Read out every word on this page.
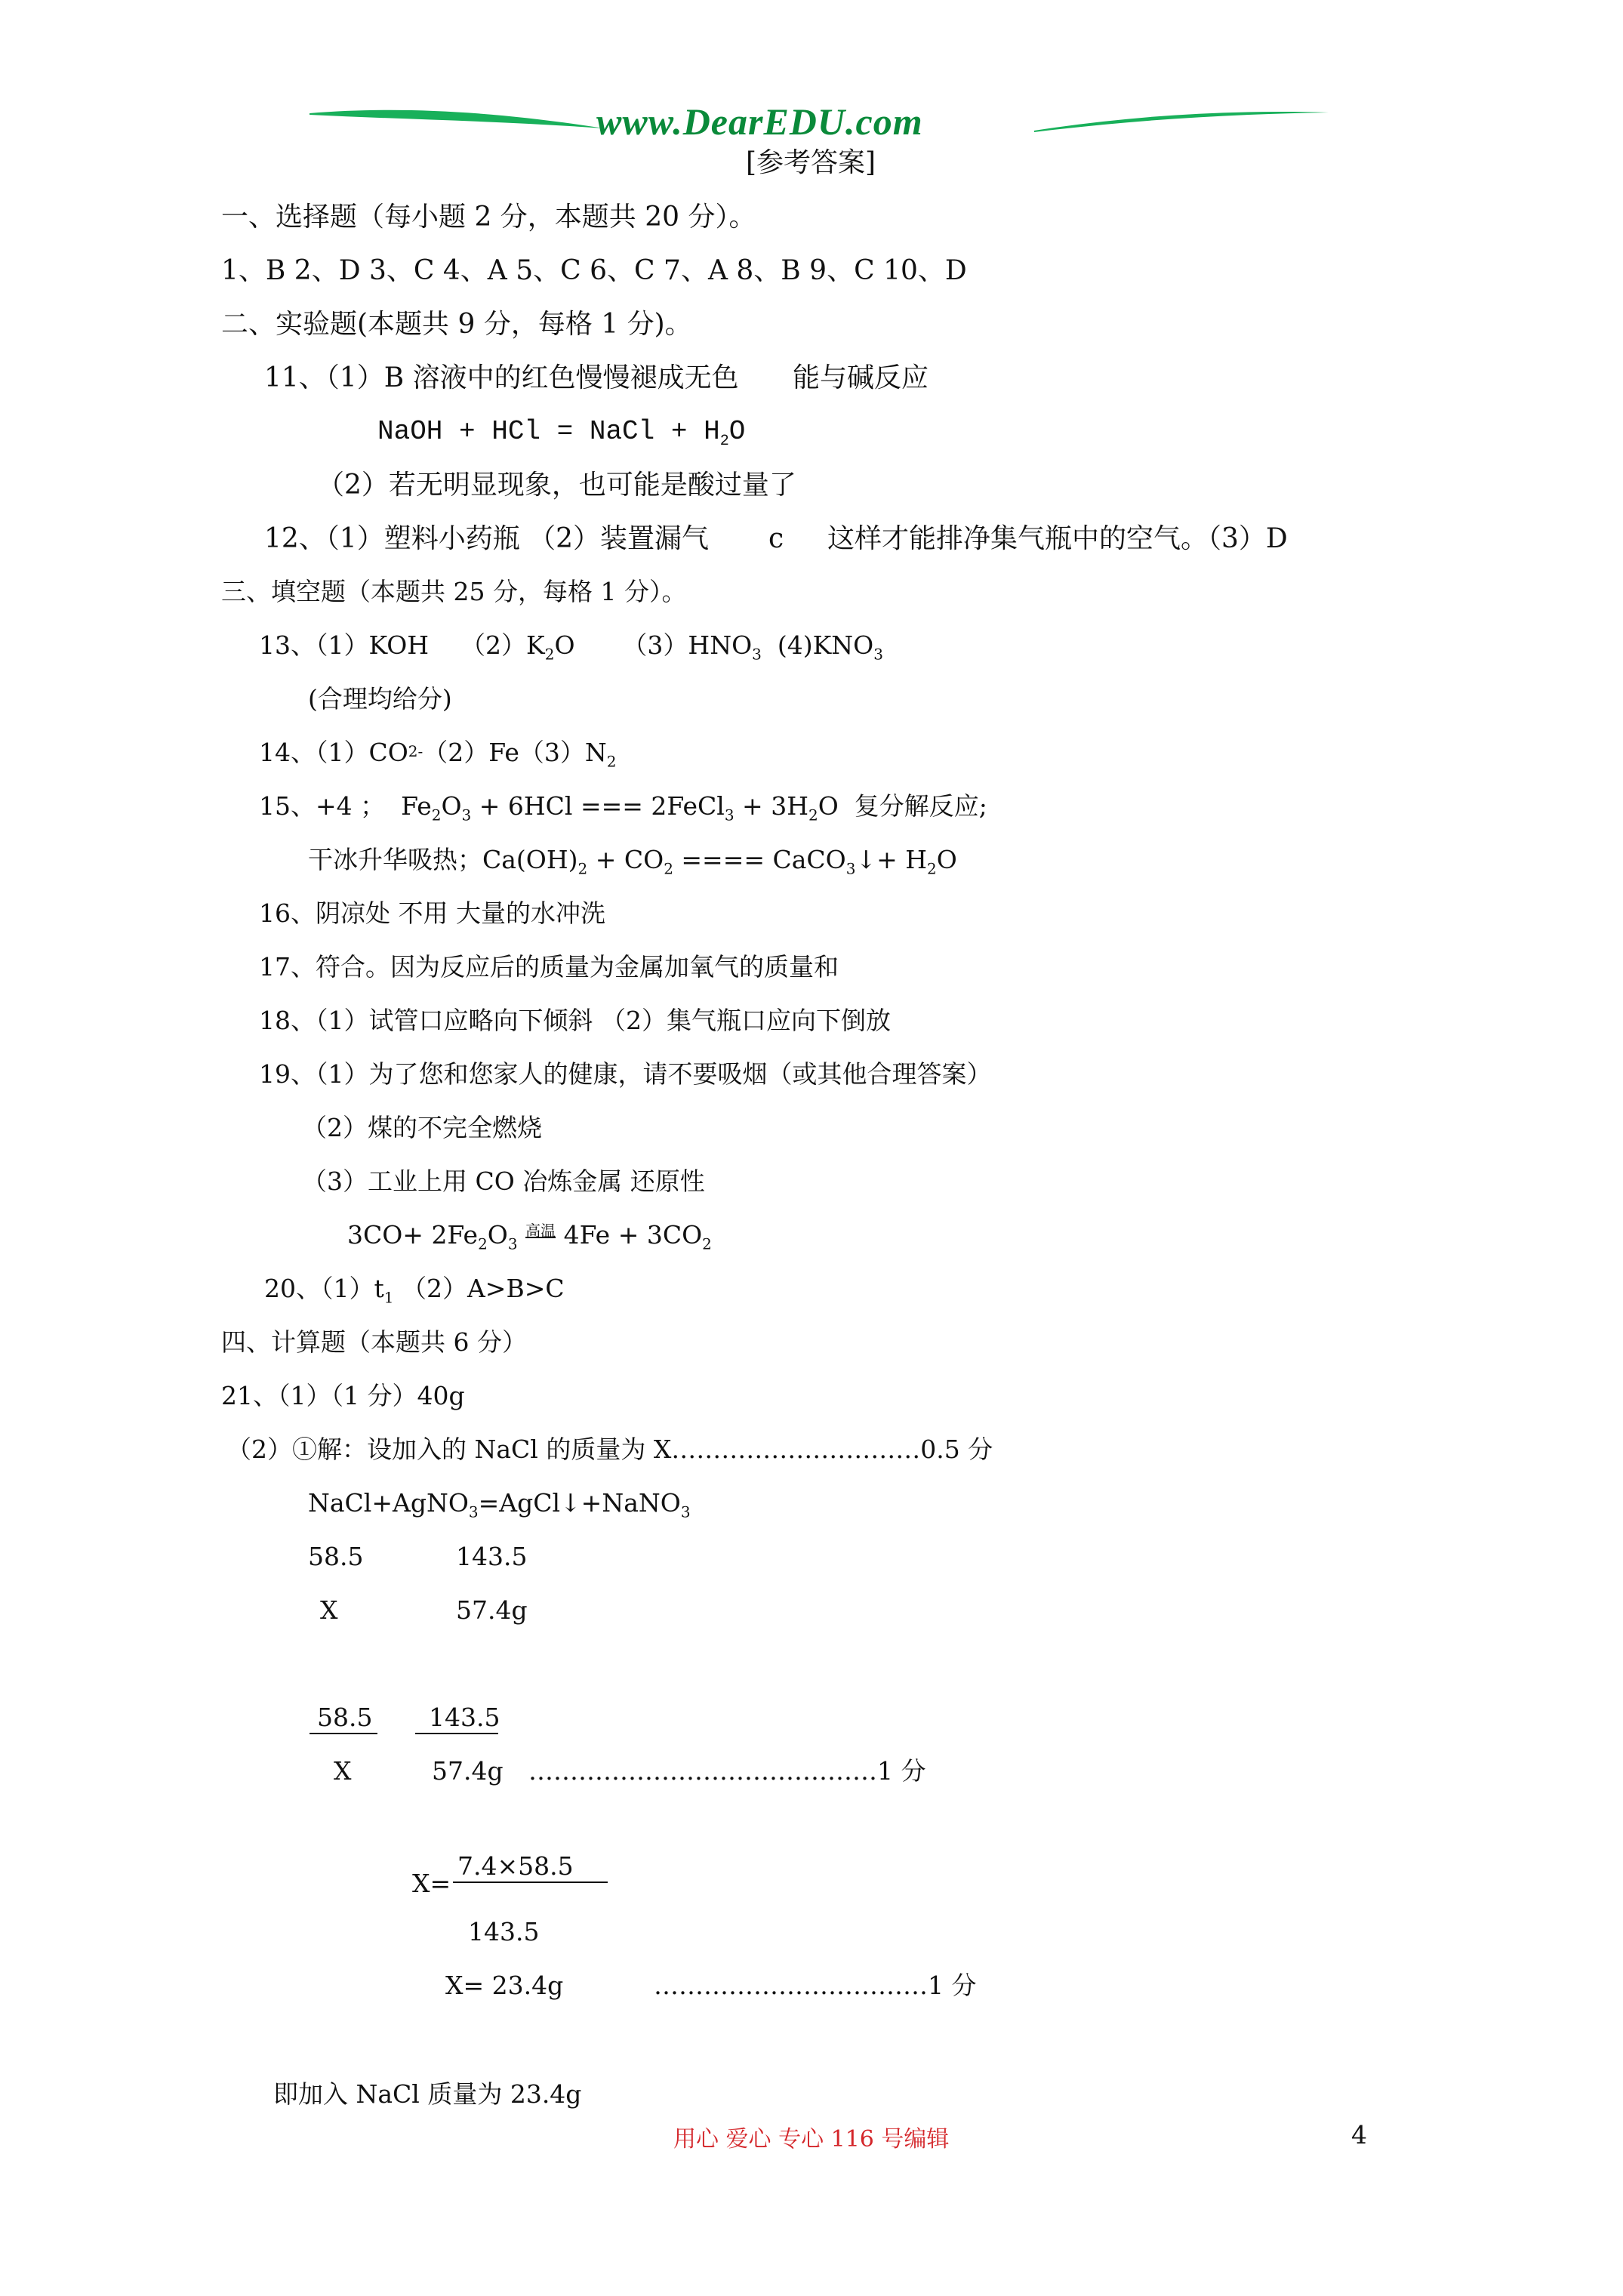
www.DearEDU.com
[参考答案]
一、选择题（每小题 2 分，本题共 20 分）。
1、B 2、D 3、C 4、A 5、C 6、C 7、A 8、B 9、C 10、D
二、实验题(本题共 9 分，每格 1 分)。
11、（1）B 溶液中的红色慢慢褪成无色 能与碱反应
NaOH + HCl = NaCl + $H_2O$
（2）若无明显现象，也可能是酸过量了
12、（1）塑料小药瓶 （2）装置漏气 c 这样才能排净集气瓶中的空气。（3）D
三、填空题（本题共 25 分，每格 1 分）。
13、（1）KOH    $(2)K_2O$      $(3)HNO_3$  $(4)KNO_3$
(合理均给分)
14、$(1)CO_{2-}(2)Fe(3)N_2$
15、+4 ；  $Fe_2O_3 + 6HCl$ === 2FeCl$_3$ + $3H_2O$  复分解反应;
干冰升华吸热；$Ca(OH)_2 + CO_2$ ==== CaCO$_3$↓+ $H_2O$
16、阴凉处 不用 大量的水冲洗
17、符合。因为反应后的质量为金属加氧气的质量和
18、（1）试管口应略向下倾斜 （2）集气瓶口应向下倒放
19、（1）为了您和您家人的健康，请不要吸烟（或其他合理答案）
（2）煤的不完全燃烧
（3）工业上用 CO 冶炼金属 还原性
$3CO+ 2Fe_2O_3$ $^{高温}$ $4Fe + 3CO_2$
20、$(1)t_1$ （2）A>B>C
四、计算题（本题共 6 分）
21、（1）（1 分）40g
（2）①解：设加入的 NaCl 的质量为 X…………………………0.5 分
NaCl+AgNO$_3$=AgCl↓+NaNO$_3$
58.5	143.5
X	57.4g
58.5 143.5
X	57.4g ……………………………………1 分
X=
7.4×58.5
143.5
X= 23.4g	……………………………1 分
即加入 NaCl 质量为 23.4g
用心 爱心 专心 116 号编辑	4
